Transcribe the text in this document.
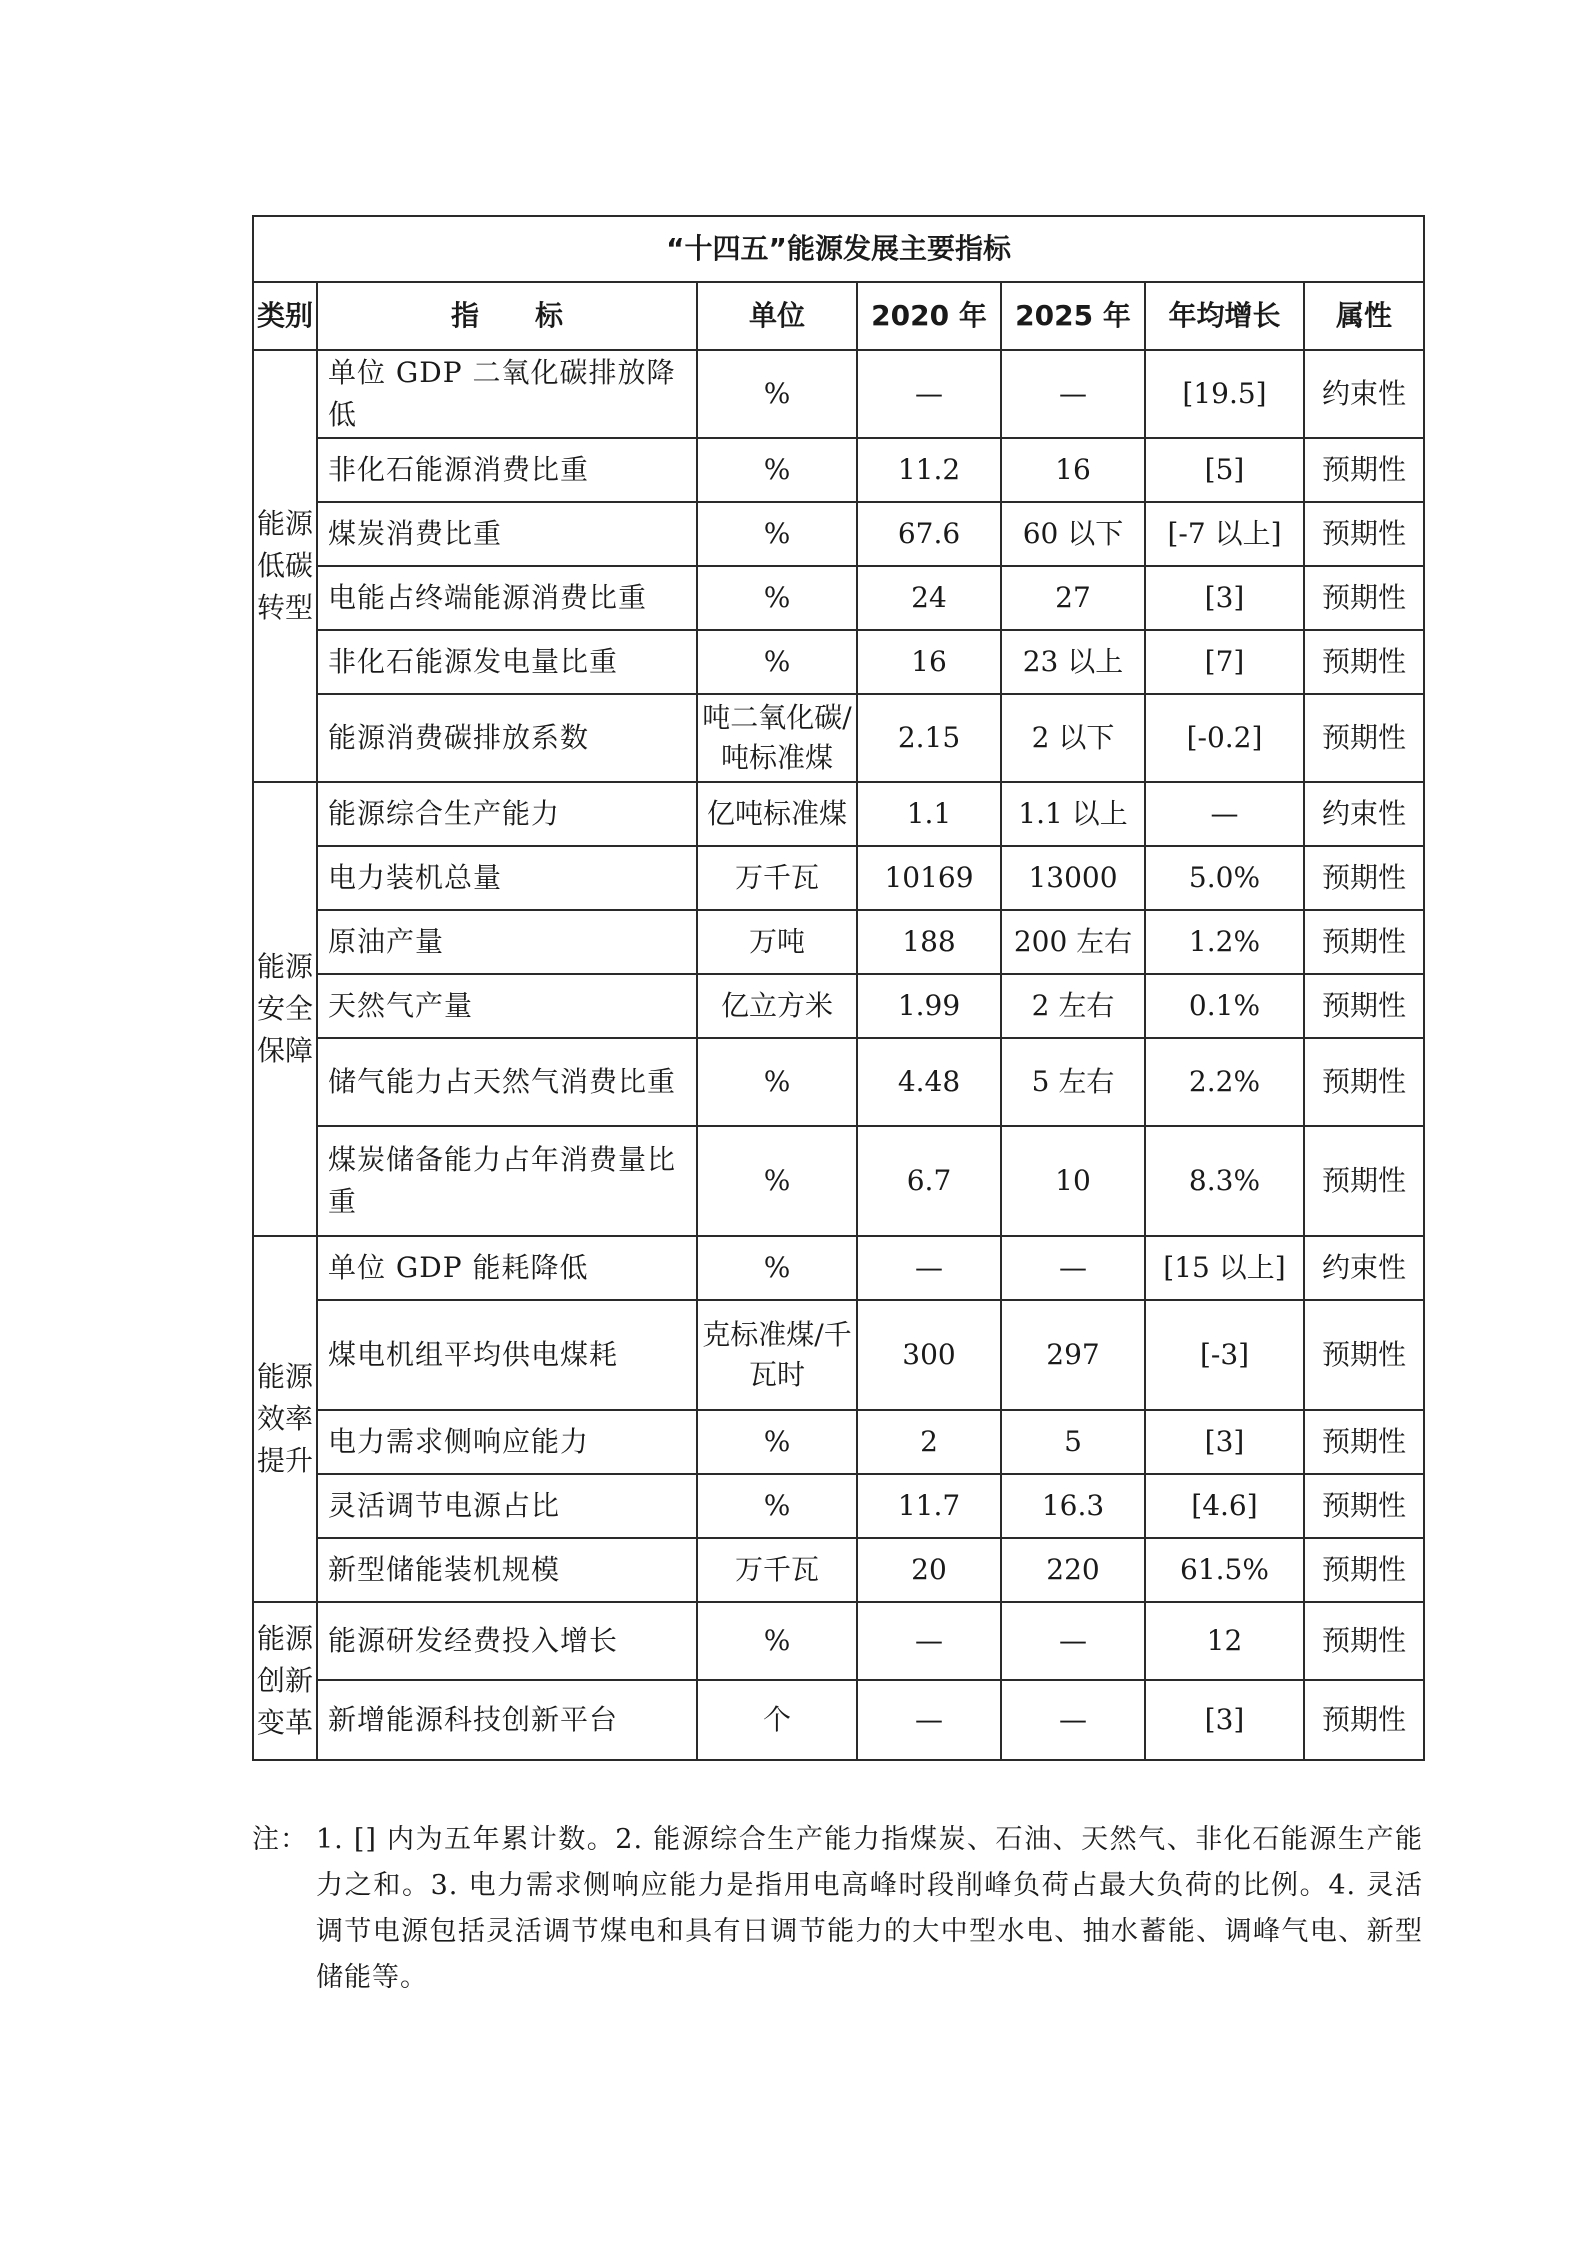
“十四五”能源发展主要指标						
类别	指　　标	单位	2020 年	2025 年	年均增长	属性

能源低碳转型	单位 GDP 二氧化碳排放降低	%	—	—	[19.5]	约束性
	非化石能源消费比重	%	11.2	16	[5]	预期性
	煤炭消费比重	%	67.6	60 以下	[-7 以上]	预期性
	电能占终端能源消费比重	%	24	27	[3]	预期性
	非化石能源发电量比重	%	16	23 以上	[7]	预期性
	能源消费碳排放系数	吨二氧化碳/吨标准煤	2.15	2 以下	[-0.2]	预期性

能源安全保障	能源综合生产能力	亿吨标准煤	1.1	1.1 以上	—	约束性
	电力装机总量	万千瓦	10169	13000	5.0%	预期性
	原油产量	万吨	188	200 左右	1.2%	预期性
	天然气产量	亿立方米	1.99	2 左右	0.1%	预期性
	储气能力占天然气消费比重	%	4.48	5 左右	2.2%	预期性
	煤炭储备能力占年消费量比重	%	6.7	10	8.3%	预期性

能源效率提升	单位 GDP 能耗降低	%	—	—	[15 以上]	约束性
	煤电机组平均供电煤耗	克标准煤/千瓦时	300	297	[-3]	预期性
	电力需求侧响应能力	%	2	5	[3]	预期性
	灵活调节电源占比	%	11.7	16.3	[4.6]	预期性
	新型储能装机规模	万千瓦	20	220	61.5%	预期性

能源创新变革	能源研发经费投入增长	%	—	—	12	预期性
	新增能源科技创新平台	个	—	—	[3]	预期性
注： 1. [] 内为五年累计数。2. 能源综合生产能力指煤炭、石油、天然气、非化石能源生产能力之和。3. 电力需求侧响应能力是指用电高峰时段削峰负荷占最大负荷的比例。4. 灵活调节电源包括灵活调节煤电和具有日调节能力的大中型水电、抽水蓄能、调峰气电、新型储能等。
